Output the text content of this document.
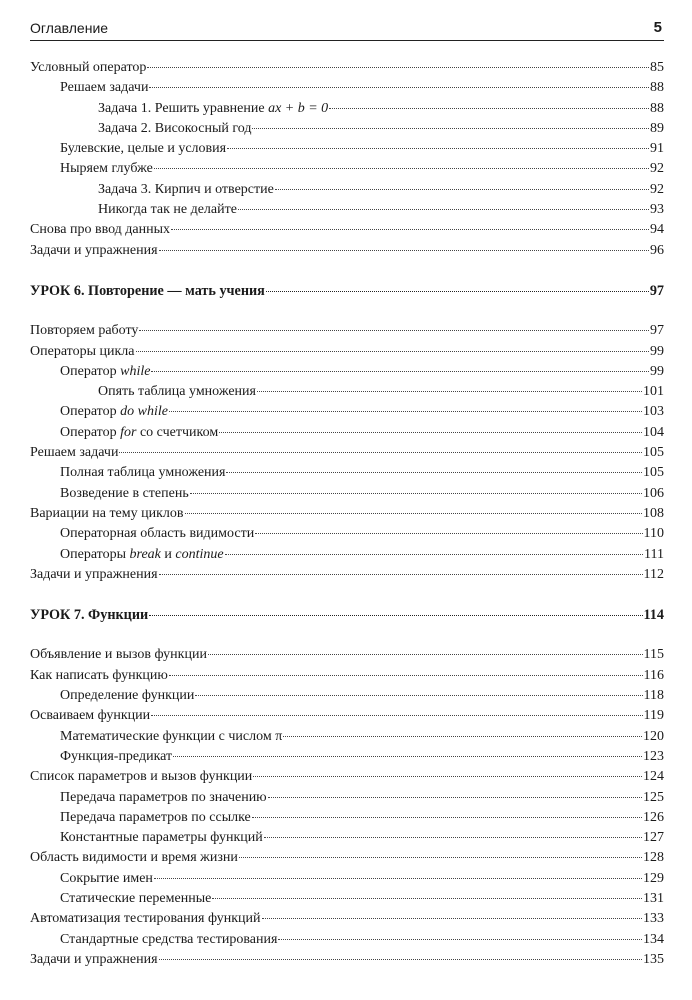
Оглавление	5
Условный оператор	85
Решаем задачи	88
Задача 1. Решить уравнение ax + b = 0	88
Задача 2. Високосный год	89
Булевские, целые и условия	91
Ныряем глубже	92
Задача 3. Кирпич и отверстие	92
Никогда так не делайте	93
Снова про ввод данных	94
Задачи и упражнения	96
УРОК 6. Повторение — мать учения	97
Повторяем работу	97
Операторы цикла	99
Оператор while	99
Опять таблица умножения	101
Оператор do while	103
Оператор for со счетчиком	104
Решаем задачи	105
Полная таблица умножения	105
Возведение в степень	106
Вариации на тему циклов	108
Операторная область видимости	110
Операторы break и continue	111
Задачи и упражнения	112
УРОК 7. Функции	114
Объявление и вызов функции	115
Как написать функцию	116
Определение функции	118
Осваиваем функции	119
Математические функции с числом π	120
Функция-предикат	123
Список параметров и вызов функции	124
Передача параметров по значению	125
Передача параметров по ссылке	126
Константные параметры функций	127
Область видимости и время жизни	128
Сокрытие имен	129
Статические переменные	131
Автоматизация тестирования функций	133
Стандартные средства тестирования	134
Задачи и упражнения	135
